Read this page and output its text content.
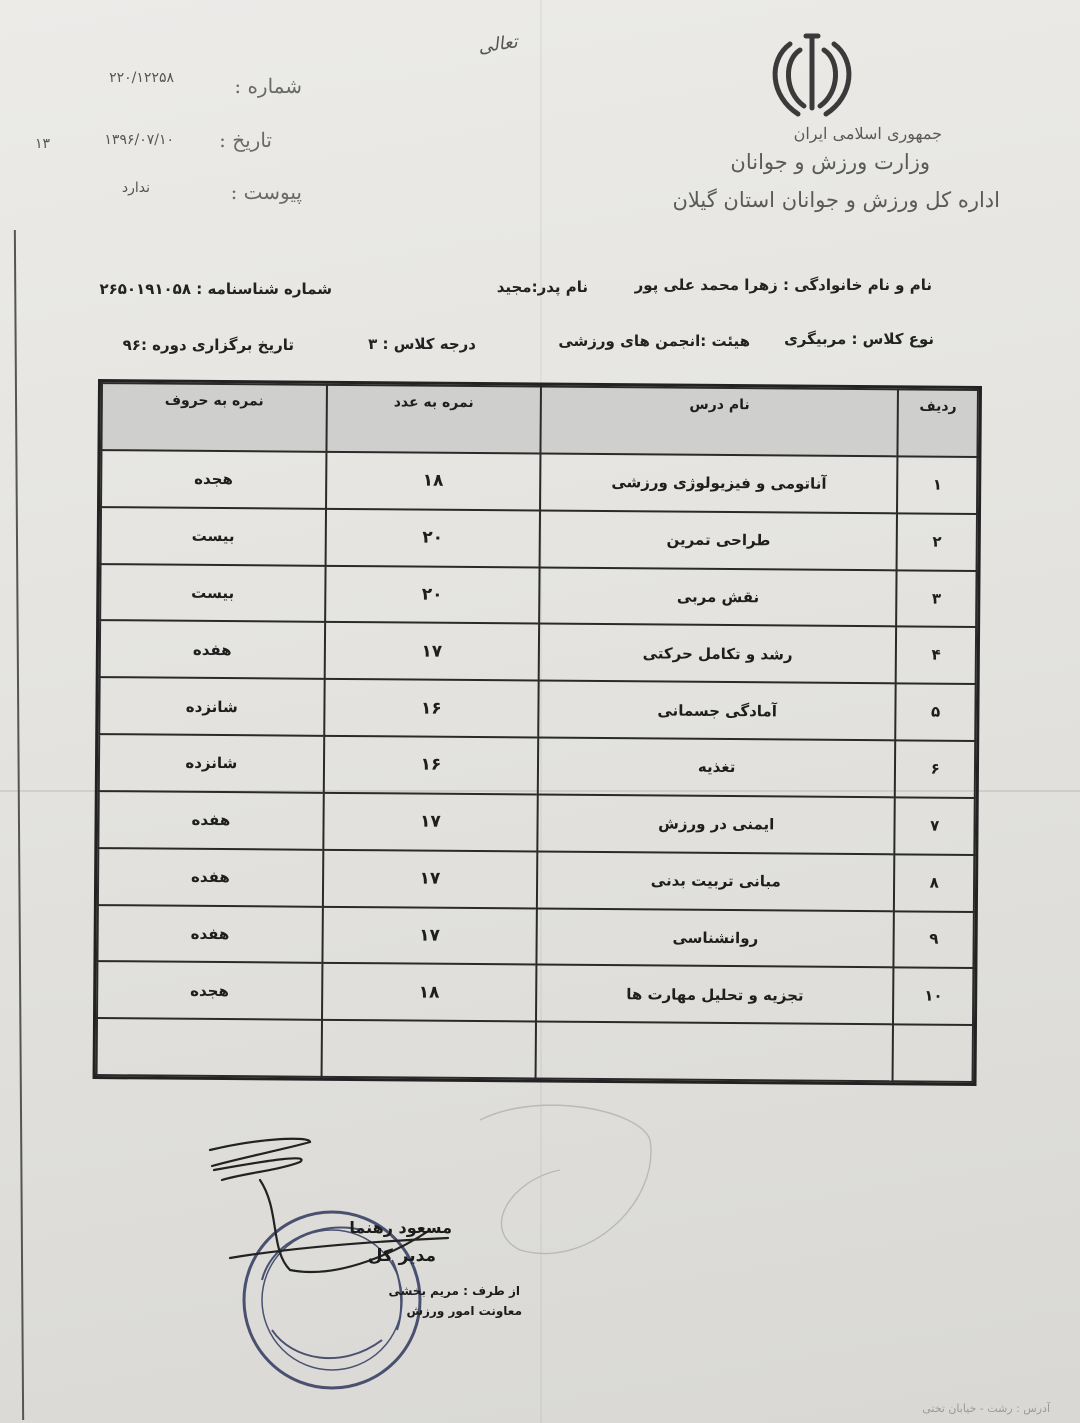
تعالی
جمهوری اسلامی ایران
وزارت ورزش و جوانان
اداره کل ورزش و جوانان استان گیلان
شماره :
۲۲۰/۱۲۲۵۸
تاریخ :
۱۳۹۶/۰۷/۱۰
۱۳
پیوست :
ندارد
نام و نام خانوادگی : زهرا محمد علی پور
نام پدر:مجید
شماره شناسنامه : ۲۶۵۰۱۹۱۰۵۸
نوع کلاس : مربیگری
هیئت :انجمن های ورزشی
درجه کلاس : ۳
تاریخ برگزاری دوره :۹۶
ردیف	نام درس	نمره به عدد	نمره به حروف
۱	آناتومی و فیزیولوژی ورزشی	۱۸	هجده
۲	طراحی تمرین	۲۰	بیست
۳	نقش مربی	۲۰	بیست
۴	رشد و تکامل حرکتی	۱۷	هفده
۵	آمادگی جسمانی	۱۶	شانزده
۶	تغذیه	۱۶	شانزده
۷	ایمنی در ورزش	۱۷	هفده
۸	مبانی تربیت بدنی	۱۷	هفده
۹	روانشناسی	۱۷	هفده
۱۰	تجزیه و تحلیل مهارت ها	۱۸	هجده

مسعود رهنما
مدیر کل
از طرف : مریم بخشی
معاونت امور ورزش
آدرس : رشت - خیابان تختی
